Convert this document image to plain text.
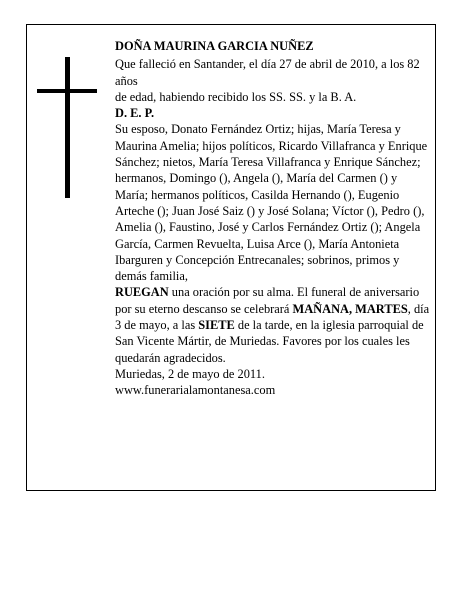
DOÑA MAURINA GARCIA NUÑEZ

Que falleció en Santander, el día 27 de abril de 2010, a los 82 años

de edad, habiendo recibido los SS. SS. y la B. A.

D. E. P.

Su esposo, Donato Fernández Ortiz; hijas, María Teresa y Maurina Amelia; hijos políticos, Ricardo Villafranca y Enrique Sánchez; nietos, María Teresa Villafranca y Enrique Sánchez; hermanos, Domingo (), Angela (), María del Carmen () y María; hermanos políticos, Casilda Hernando (), Eugenio Arteche (); Juan José Saiz () y José Solana; Víctor (), Pedro (), Amelia (), Faustino, José y Carlos Fernández Ortiz (); Angela García, Carmen Revuelta, Luisa Arce (), María Antonieta Ibarguren y Concepción Entrecanales; sobrinos, primos y demás familia,

RUEGAN una oración por su alma. El funeral de aniversario por su eterno descanso se celebrará MAÑANA, MARTES, día 3 de mayo, a las SIETE de la tarde, en la iglesia parroquial de San Vicente Mártir, de Muriedas. Favores por los cuales les quedarán agradecidos.

Muriedas, 2 de mayo de 2011.

www.funerarialamontanesa.com
